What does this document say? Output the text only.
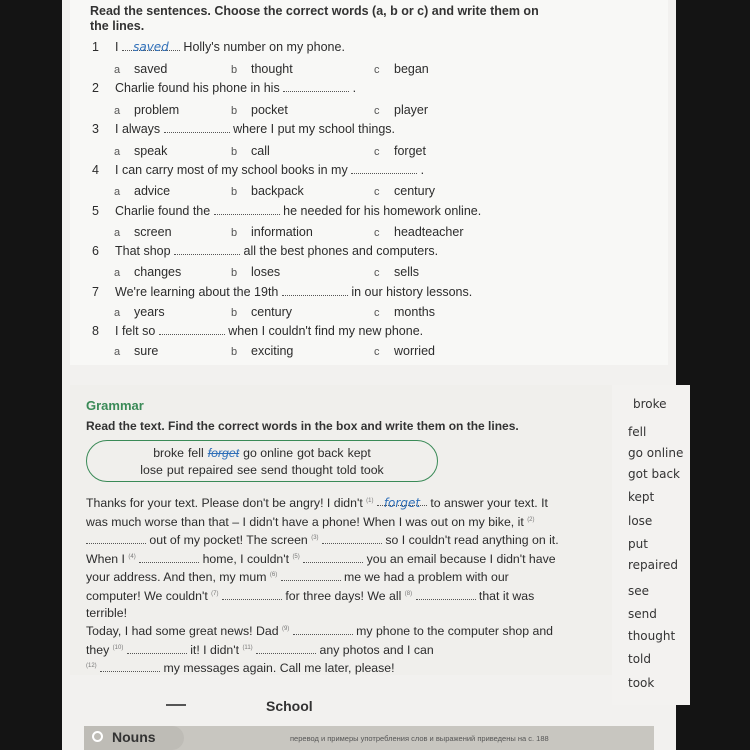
Read the sentences. Choose the correct words (a, b or c) and write them on the lines.
1 I saved Holly's number on my phone.
a saved	b thought	c began
2 Charlie found his phone in his	.
a problem	b pocket	c player
3 I always	where I put my school things.
a speak	b call	c forget
4 I can carry most of my school books in my	.
a advice	b backpack	c century
5 Charlie found the	he needed for his homework online.
a screen	b information	c headteacher
6 That shop	all the best phones and computers.
a changes	b loses	c sells
7 We're learning about the 19th	in our history lessons.
a years	b century	c months
8 I felt so	when I couldn't find my new phone.
a sure	b exciting	c worried
Grammar
Read the text. Find the correct words in the box and write them on the lines.
broke fell forget go online got back kept
lose put repaired see send thought told took
Thanks for your text. Please don't be angry! I didn't $^{(1)}$ forget to answer your text. It was much worse than that – I didn't have a phone! When I was out on my bike, it $^{(2)}$  out of my pocket! The screen $^{(3)}$	so I couldn't read anything on it. When I $^{(4)}$	home, I couldn't $^{(5)}$	you an email because I didn't have your address. And then, my mum $^{(6)}$	me we had a problem with our computer! We couldn't $^{(7)}$	for three days! We all $^{(8)}$	that it was terrible!
Today, I had some great news! Dad $^{(9)}$	my phone to the computer shop and they $^{(10)}$	it! I didn't $^{(11)}$	any photos and I can
$^{(12)}$	my messages again. Call me later, please!
broke
fell
go online
got back
kept
lose
put
repaired
see
send
thought
told
took
School
Nouns	перевод и примеры употребления слов и выражений приведены на с. 188
